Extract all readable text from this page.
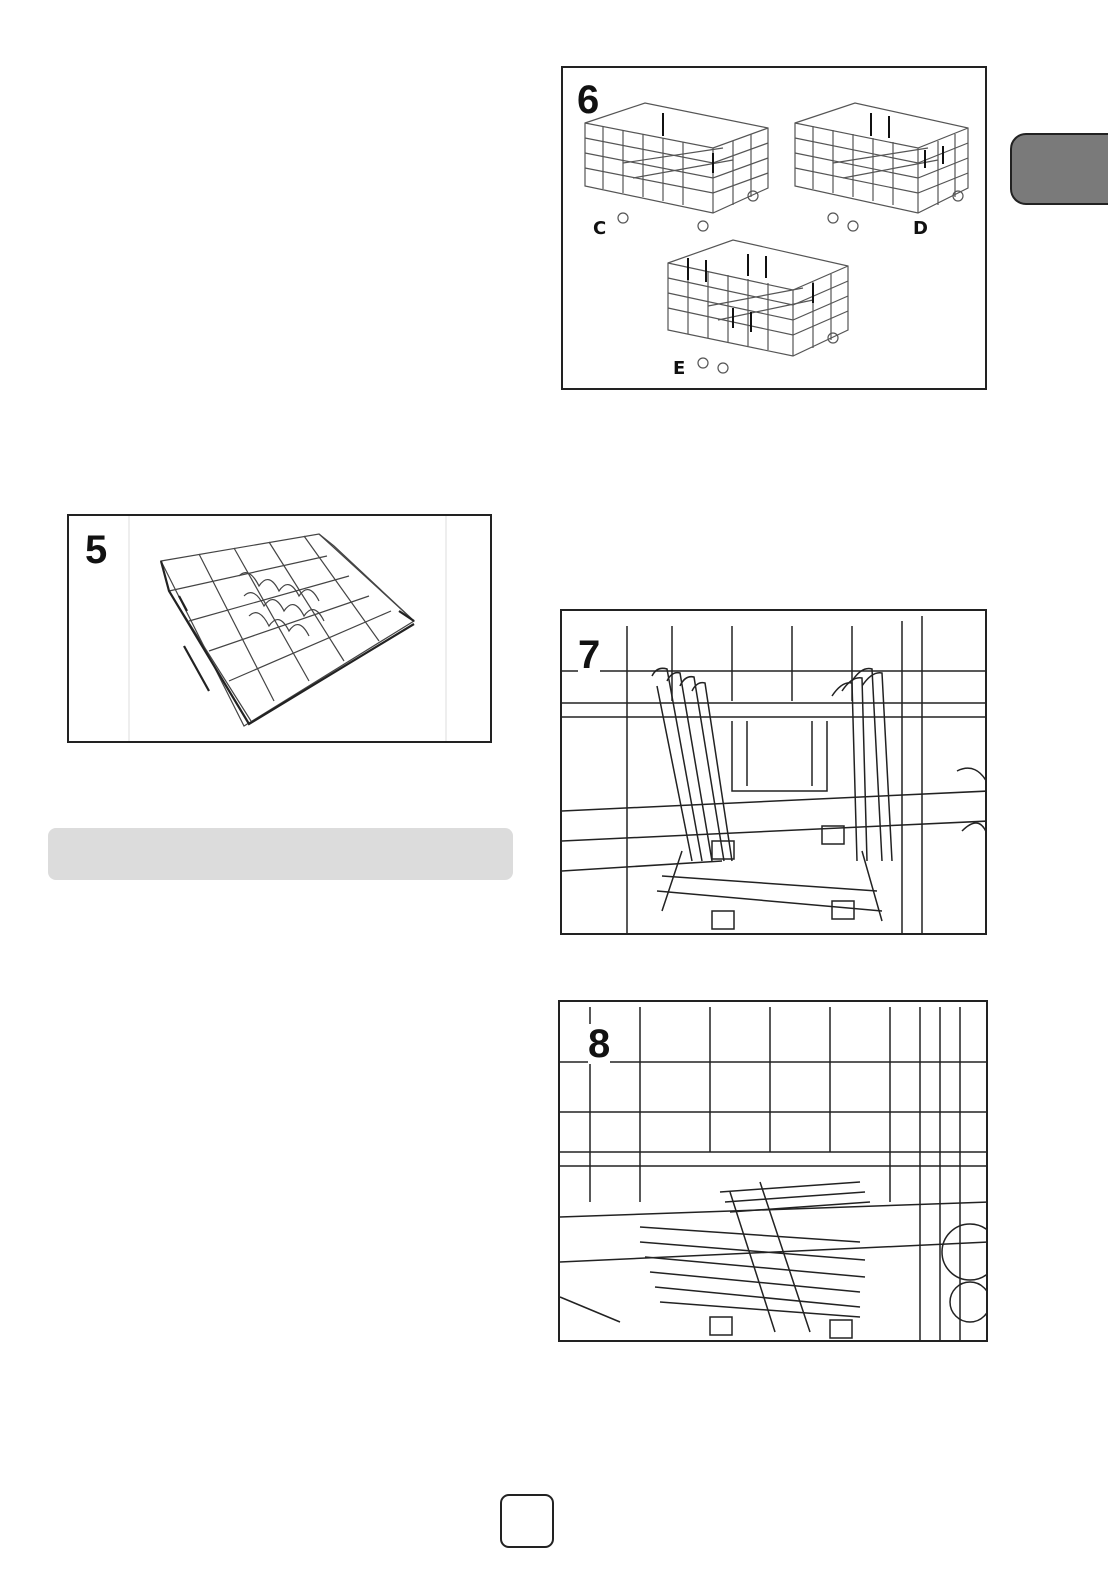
6
C	D
E
5
7
8
